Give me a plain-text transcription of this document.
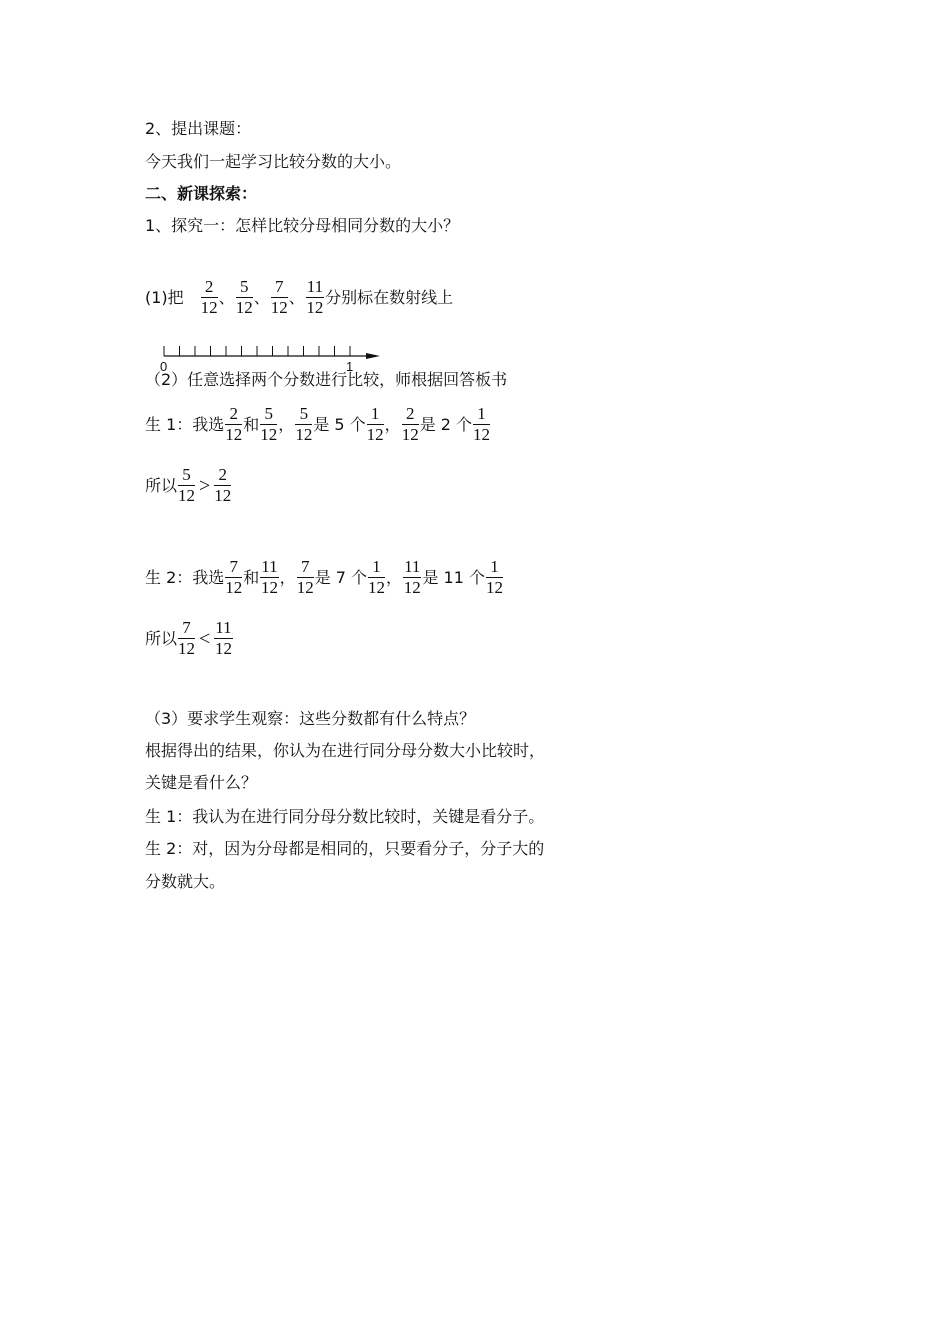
2、提出课题：
今天我们一起学习比较分数的大小。
二、新课探索：
1、探究一：怎样比较分母相同分数的大小？
(1)把 $\frac{2}{12}$ 、 $\frac{5}{12}$ 、 $\frac{7}{12}$ 、 $\frac{11}{12}$ 分别标在数射线上
0	1
（2）任意选择两个分数进行比较，师根据回答板书
生 1：我选 $\frac{2}{12}$ 和 $\frac{5}{12}$ ， $\frac{5}{12}$ 是 5 个 $\frac{1}{12}$ ， $\frac{2}{12}$ 是 2 个 $\frac{1}{12}$
所以 $\frac{5}{12} > \frac{2}{12}$
生 2：我选 $\frac{7}{12}$ 和 $\frac{11}{12}$ ， $\frac{7}{12}$ 是 7 个 $\frac{1}{12}$ ， $\frac{11}{12}$ 是 11 个 $\frac{1}{12}$
所以 $\frac{7}{12} < \frac{11}{12}$
（3）要求学生观察：这些分数都有什么特点？
根据得出的结果，你认为在进行同分母分数大小比较时，
关键是看什么？
生 1：我认为在进行同分母分数比较时，关键是看分子。
生 2：对，因为分母都是相同的，只要看分子，分子大的
分数就大。
